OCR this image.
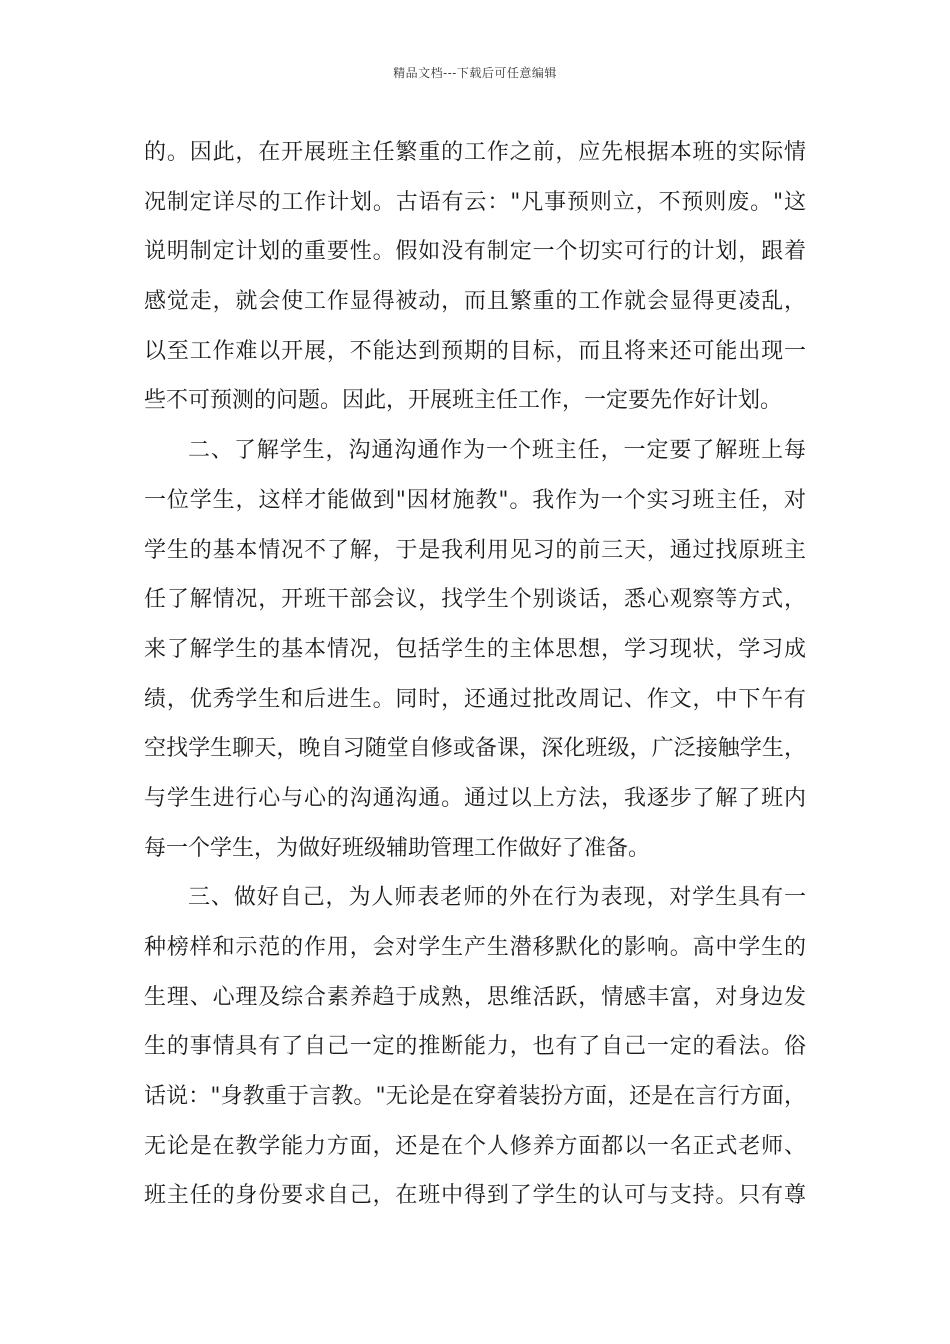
精品文档---下载后可任意编辑
的。因此，在开展班主任繁重的工作之前，应先根据本班的实际情
况制定详尽的工作计划。古语有云："凡事预则立，不预则废。"这
说明制定计划的重要性。假如没有制定一个切实可行的计划，跟着
感觉走，就会使工作显得被动，而且繁重的工作就会显得更凌乱，
以至工作难以开展，不能达到预期的目标，而且将来还可能出现一
些不可预测的问题。因此，开展班主任工作，一定要先作好计划。
二、了解学生，沟通沟通作为一个班主任，一定要了解班上每
一位学生，这样才能做到"因材施教"。我作为一个实习班主任，对
学生的基本情况不了解，于是我利用见习的前三天，通过找原班主
任了解情况，开班干部会议，找学生个别谈话，悉心观察等方式，
来了解学生的基本情况，包括学生的主体思想，学习现状，学习成
绩，优秀学生和后进生。同时，还通过批改周记、作文，中下午有
空找学生聊天，晚自习随堂自修或备课，深化班级，广泛接触学生，
与学生进行心与心的沟通沟通。通过以上方法，我逐步了解了班内
每一个学生，为做好班级辅助管理工作做好了准备。
三、做好自己，为人师表老师的外在行为表现，对学生具有一
种榜样和示范的作用，会对学生产生潜移默化的影响。高中学生的
生理、心理及综合素养趋于成熟，思维活跃，情感丰富，对身边发
生的事情具有了自己一定的推断能力，也有了自己一定的看法。俗
话说："身教重于言教。"无论是在穿着装扮方面，还是在言行方面，
无论是在教学能力方面，还是在个人修养方面都以一名正式老师、
班主任的身份要求自己，在班中得到了学生的认可与支持。只有尊
